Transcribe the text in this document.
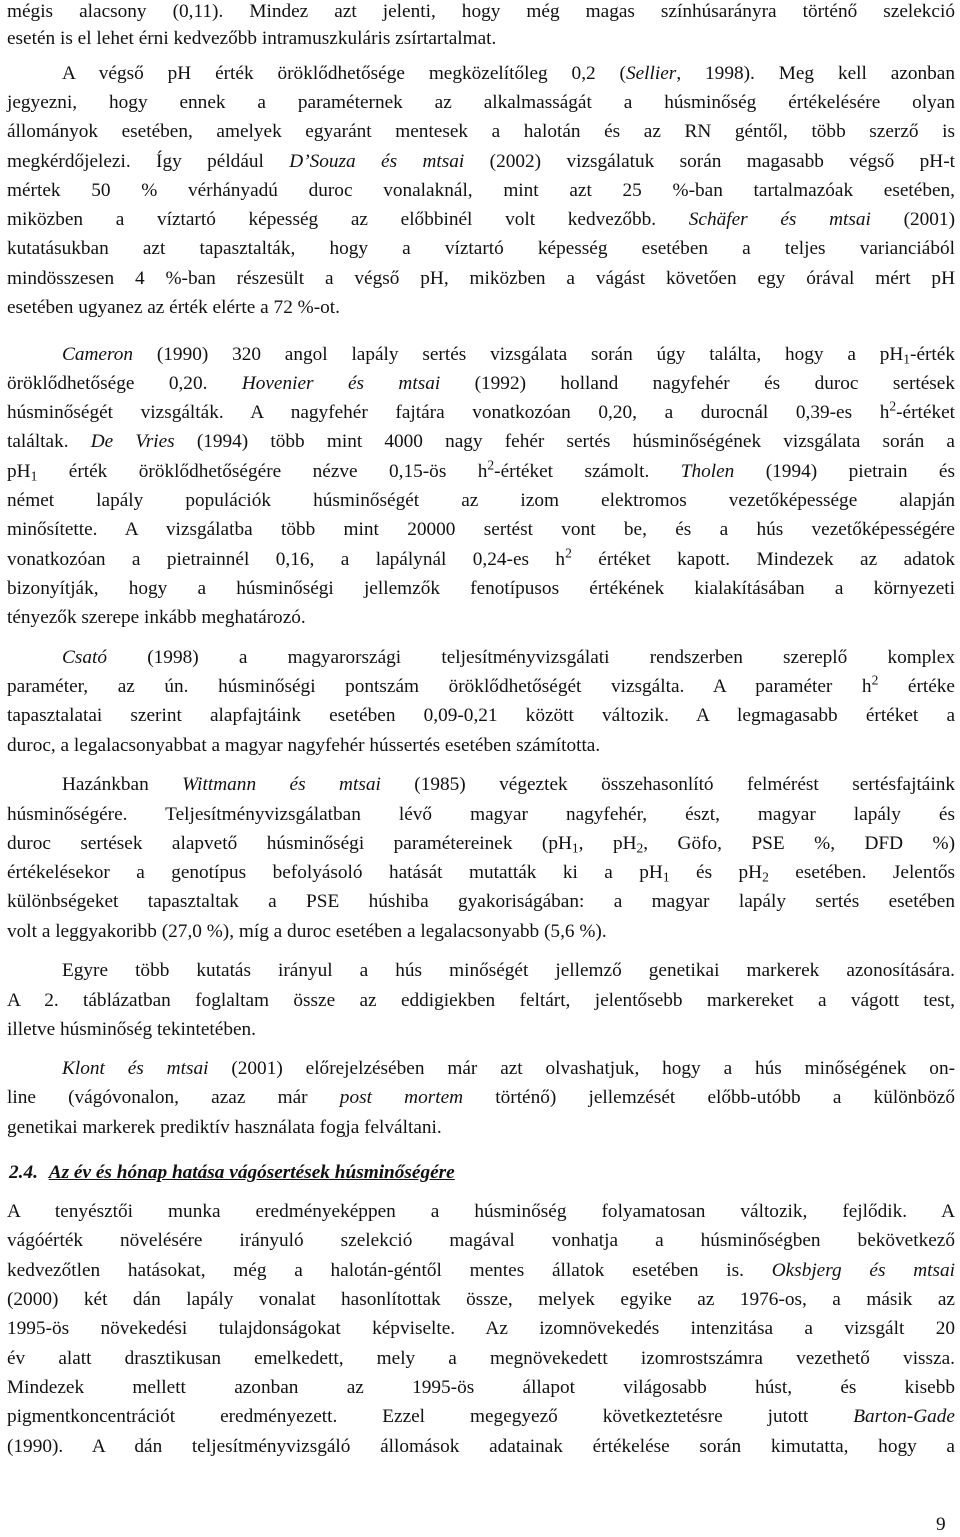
mégis alacsony (0,11). Mindez azt jelenti, hogy még magas színhúsarányra történő szelekció
esetén is el lehet érni kedvezőbb intramuszkuláris zsírtartalmat.
A végső pH érték öröklődhetősége megközelítőleg 0,2 (Sellier, 1998). Meg kell azonban
jegyezni, hogy ennek a paraméternek az alkalmasságát a húsminőség értékelésére olyan
állományok esetében, amelyek egyaránt mentesek a halotán és az RN géntől, több szerző is
megkérdőjelezi. Így például D’Souza és mtsai (2002) vizsgálatuk során magasabb végső pH-t
mértek 50 % vérhányadú duroc vonalaknál, mint azt 25 %-ban tartalmazóak esetében,
miközben a víztartó képesség az előbbinél volt kedvezőbb. Schäfer és mtsai (2001)
kutatásukban azt tapasztalták, hogy a víztartó képesség esetében a teljes varianciából
mindösszesen 4 %-ban részesült a végső pH, miközben a vágást követően egy órával mért pH
esetében ugyanez az érték elérte a 72 %-ot.
Cameron (1990) 320 angol lapály sertés vizsgálata során úgy találta, hogy a $pH_1$-érték
öröklődhetősége 0,20. Hovenier és mtsai (1992) holland nagyfehér és duroc sertések
húsminőségét vizsgálták. A nagyfehér fajtára vonatkozóan 0,20, a durocnál 0,39-es $h^2$-értéket
találtak. De Vries (1994) több mint 4000 nagy fehér sertés húsminőségének vizsgálata során a
$pH_1$ érték öröklődhetőségére nézve 0,15-ös $h^2$-értéket számolt. Tholen (1994) pietrain és
német lapály populációk húsminőségét az izom elektromos vezetőképessége alapján
minősítette. A vizsgálatba több mint 20000 sertést vont be, és a hús vezetőképességére
vonatkozóan a pietrainnél 0,16, a lapálynál 0,24-es $h^2$ értéket kapott. Mindezek az adatok
bizonyítják, hogy a húsminőségi jellemzők fenotípusos értékének kialakításában a környezeti
tényezők szerepe inkább meghatározó.
Csató (1998) a magyarországi teljesítményvizsgálati rendszerben szereplő komplex
paraméter, az ún. húsminőségi pontszám öröklődhetőségét vizsgálta. A paraméter $h^2$ értéke
tapasztalatai szerint alapfajtáink esetében 0,09-0,21 között változik. A legmagasabb értéket a
duroc, a legalacsonyabbat a magyar nagyfehér hússertés esetében számította.
Hazánkban Wittmann és mtsai (1985) végeztek összehasonlító felmérést sertésfajtáink
húsminőségére. Teljesítményvizsgálatban lévő magyar nagyfehér, észt, magyar lapály és
duroc sertések alapvető húsminőségi paramétereinek ($pH_1$, $pH_2$, Göfo, PSE %, DFD %)
értékelésekor a genotípus befolyásoló hatását mutatták ki a $pH_1$ és $pH_2$ esetében. Jelentős
különbségeket tapasztaltak a PSE húshiba gyakoriságában: a magyar lapály sertés esetében
volt a leggyakoribb (27,0 %), míg a duroc esetében a legalacsonyabb (5,6 %).
Egyre több kutatás irányul a hús minőségét jellemző genetikai markerek azonosítására.
A 2. táblázatban foglaltam össze az eddigiekben feltárt, jelentősebb markereket a vágott test,
illetve húsminőség tekintetében.
Klont és mtsai (2001) előrejelzésében már azt olvashatjuk, hogy a hús minőségének on-
line (vágóvonalon, azaz már post mortem történő) jellemzését előbb-utóbb a különböző
genetikai markerek prediktív használata fogja felváltani.
A tenyésztői munka eredményeképpen a húsminőség folyamatosan változik, fejlődik. A
vágóérték növelésére irányuló szelekció magával vonhatja a húsminőségben bekövetkező
kedvezőtlen hatásokat, még a halotán-géntől mentes állatok esetében is. Oksbjerg és mtsai
(2000) két dán lapály vonalat hasonlítottak össze, melyek egyike az 1976-os, a másik az
1995-ös növekedési tulajdonságokat képviselte. Az izomnövekedés intenzitása a vizsgált 20
év alatt drasztikusan emelkedett, mely a megnövekedett izomrostszámra vezethető vissza.
Mindezek mellett azonban az 1995-ös állapot világosabb húst, és kisebb
pigmentkoncentrációt eredményezett. Ezzel megegyező következtetésre jutott Barton-Gade
(1990). A dán teljesítményvizsgáló állomások adatainak értékelése során kimutatta, hogy a
2.4. Az év és hónap hatása vágósertések húsminőségére
9
